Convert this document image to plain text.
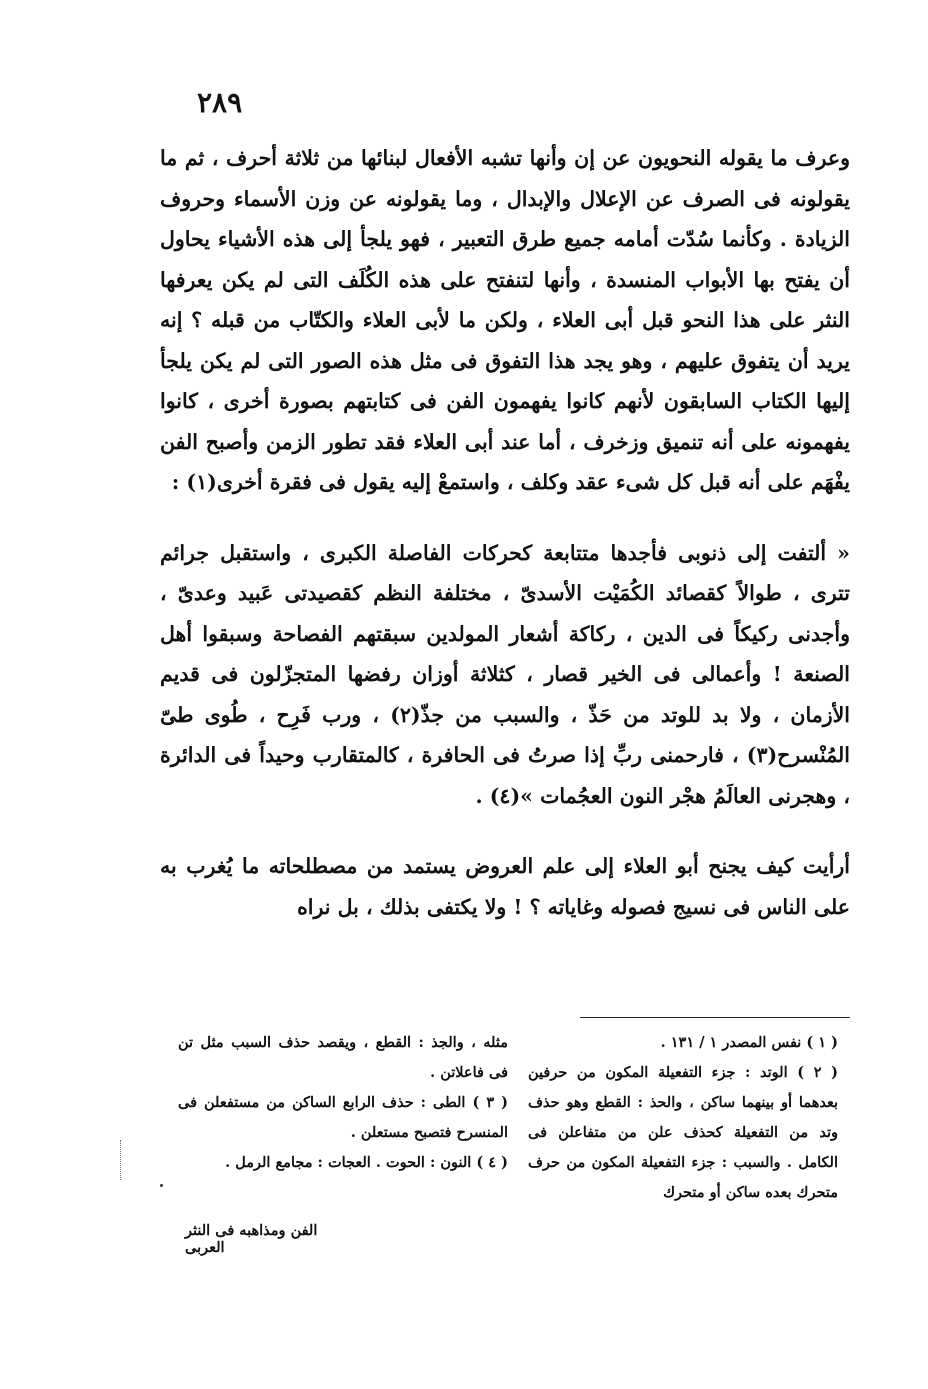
٢٨٩
وعرف ما يقوله النحويون عن إن وأنها تشبه الأفعال لبنائها من ثلاثة أحرف ، ثم ما يقولونه فى الصرف عن الإعلال والإبدال ، وما يقولونه عن وزن الأسماء وحروف الزيادة . وكأنما سُدّت أمامه جميع طرق التعبير ، فهو يلجأ إلى هذه الأشياء يحاول أن يفتح بها الأبواب المنسدة ، وأنها لتنفتح على هذه الكُلَف التى لم يكن يعرفها النثر على هذا النحو قبل أبى العلاء ، ولكن ما لأبى العلاء والكتّاب من قبله ؟ إنه يريد أن يتفوق عليهم ، وهو يجد هذا التفوق فى مثل هذه الصور التى لم يكن يلجأ إليها الكتاب السابقون لأنهم كانوا يفهمون الفن فى كتابتهم بصورة أخرى ، كانوا يفهمونه على أنه تنميق وزخرف ، أما عند أبى العلاء فقد تطور الزمن وأصبح الفن يفْهَم على أنه قبل كل شىء عقد وكلف ، واستمعْ إليه يقول فى فقرة أخرى(١) :
« ألتفت إلى ذنوبى فأجدها متتابعة كحركات الفاصلة الكبرى ، واستقبل جرائم تترى ، طوالاً كقصائد الكُمَيْت الأسدىّ ، مختلفة النظم كقصيدتى عَبيد وعدىّ ، وأجدنى ركيكاً فى الدين ، ركاكة أشعار المولدين سبقتهم الفصاحة وسبقوا أهل الصنعة ! وأعمالى فى الخير قصار ، كثلاثة أوزان رفضها المتجزّلون فى قديم الأزمان ، ولا بد للوتد من حَذّ ، والسبب من جذّ(٢) ، ورب فَرِح ، طُوى طىّ المُنْسرح(٣) ، فارحمنى ربِّ إذا صرتُ فى الحافرة ، كالمتقارب وحيداً فى الدائرة ، وهجرنى العالَمُ هجْر النون العجُمات »(٤) .
أرأيت كيف يجنح أبو العلاء إلى علم العروض يستمد من مصطلحاته ما يُغرب به على الناس فى نسيج فصوله وغاياته ؟ ! ولا يكتفى بذلك ، بل نراه

( ١ ) نفس المصدر ١ / ١٣١ .

( ٢ ) الوتد : جزء التفعيلة المكون من حرفين بعدهما أو بينهما ساكن ، والحذ : القطع وهو حذف وتد من التفعيلة كحذف علن من متفاعلن فى الكامل . والسبب : جزء التفعيلة المكون من حرف متحرك بعده ساكن أو متحرك

مثله ، والجذ : القطع ، ويقصد حذف السبب مثل تن فى فاعلاتن .

( ٣ ) الطى : حذف الرابع الساكن من مستفعلن فى المنسرح فتصبح مستعلن .

( ٤ ) النون : الحوت . العجات : مجامع الرمل .

الفن ومذاهبه فى النثر العربى
